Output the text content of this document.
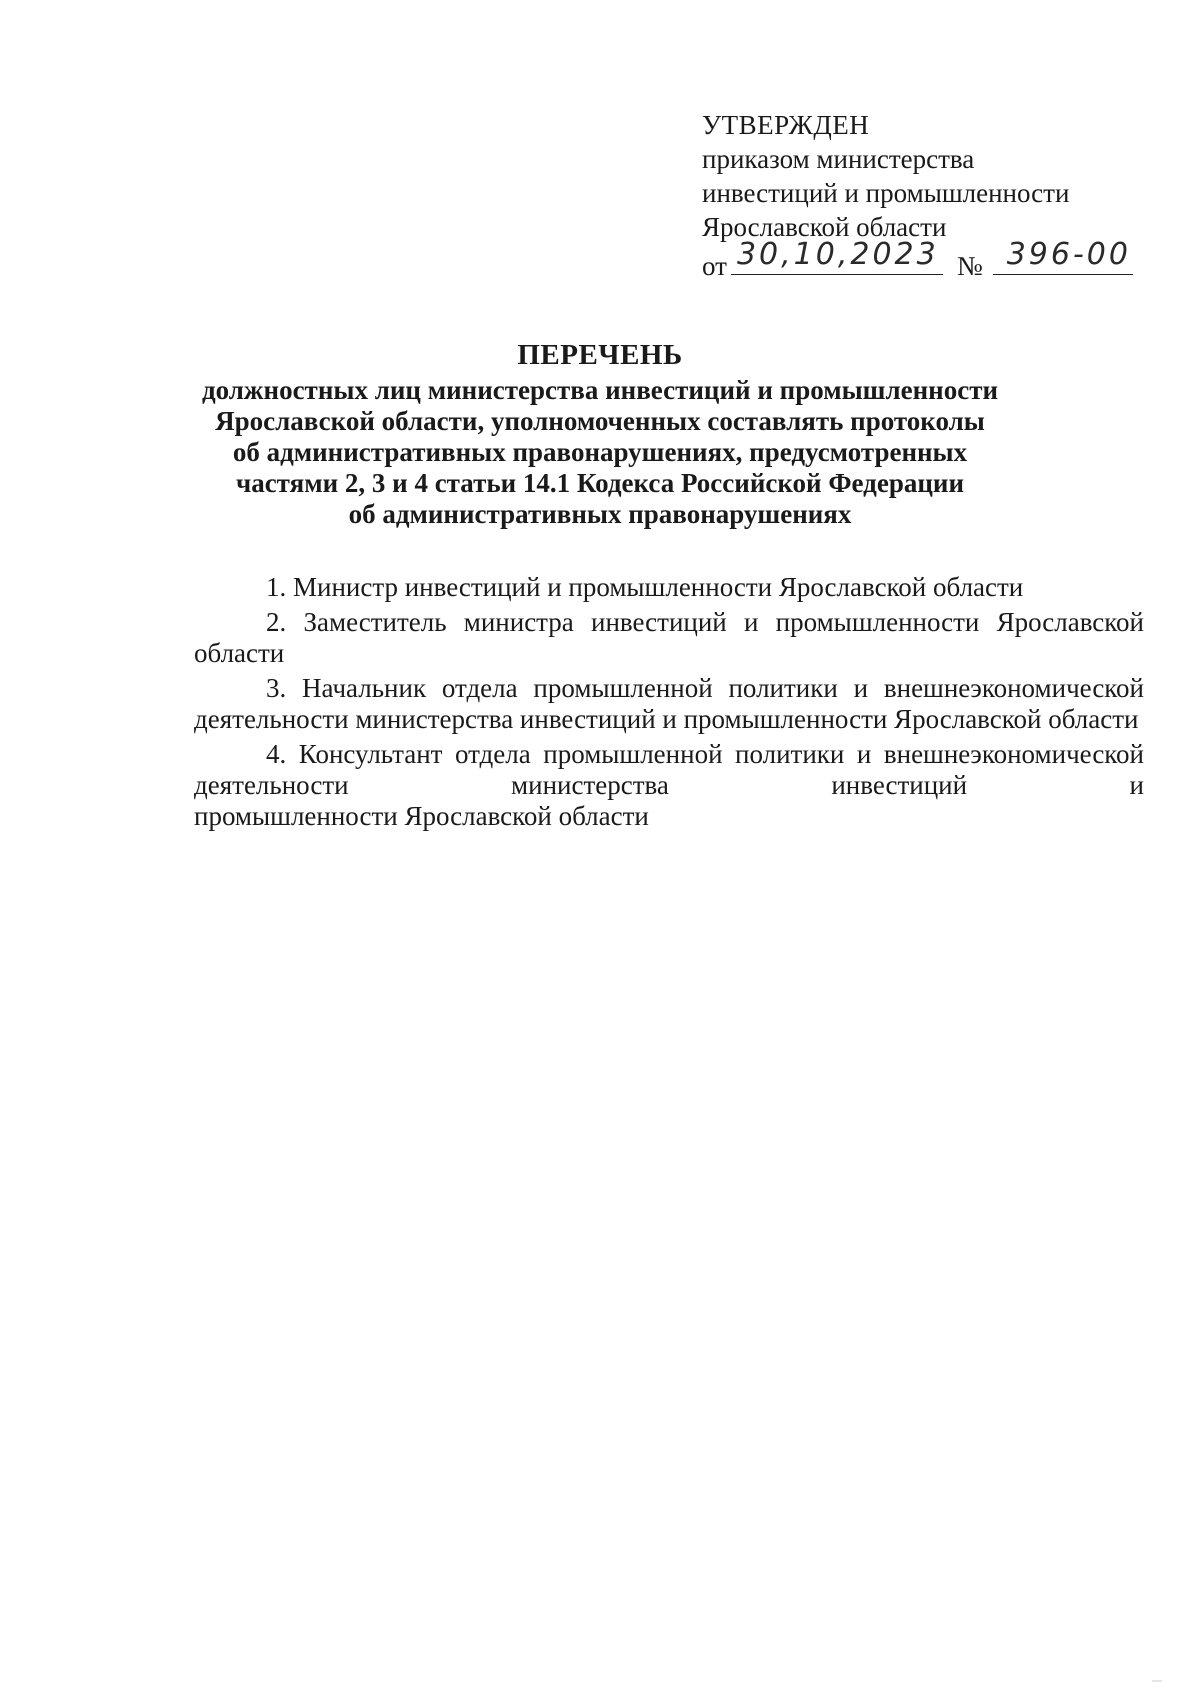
УТВЕРЖДЕН
приказом министерства
инвестиций и промышленности
Ярославской области
от 30,10,2023 № 396-00
ПЕРЕЧЕНЬ
должностных лиц министерства инвестиций и промышленности
Ярославской области, уполномоченных составлять протоколы
об административных правонарушениях, предусмотренных
частями 2, 3 и 4 статьи 14.1 Кодекса Российской Федерации
об административных правонарушениях

1. Министр инвестиций и промышленности Ярославской области

2. Заместитель министра инвестиций и промышленности Ярославской области

3. Начальник отдела промышленной политики и внешнеэкономической деятельности министерства инвестиций и промышленности Ярославской области

4. Консультант отдела промышленной политики и внешнеэкономической деятельности министерства инвестиций и
промышленности Ярославской области
